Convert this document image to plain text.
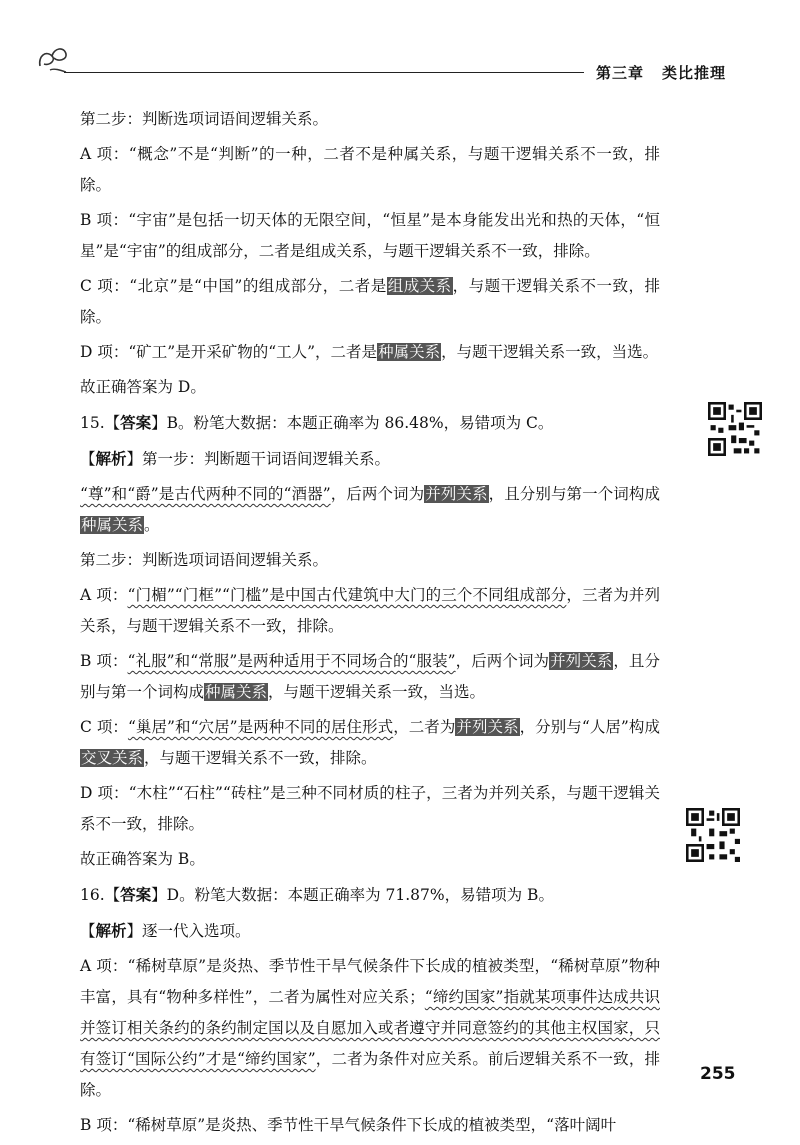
第三章 类比推理

第二步：判断选项词语间逻辑关系。

A 项：“概念”不是“判断”的一种，二者不是种属关系，与题干逻辑关系不一致，排除。

B 项：“宇宙”是包括一切天体的无限空间，“恒星”是本身能发出光和热的天体，“恒星”是“宇宙”的组成部分，二者是组成关系，与题干逻辑关系不一致，排除。

C 项：“北京”是“中国”的组成部分，二者是组成关系，与题干逻辑关系不一致，排除。

D 项：“矿工”是开采矿物的“工人”，二者是种属关系，与题干逻辑关系一致，当选。

故正确答案为 D。

15.【答案】B。粉笔大数据：本题正确率为 86.48%，易错项为 C。

【解析】第一步：判断题干词语间逻辑关系。

“尊”和“爵”是古代两种不同的“酒器”，后两个词为并列关系，且分别与第一个词构成种属关系。

第二步：判断选项词语间逻辑关系。

A 项：“门楣”“门框”“门槛”是中国古代建筑中大门的三个不同组成部分，三者为并列关系，与题干逻辑关系不一致，排除。

B 项：“礼服”和“常服”是两种适用于不同场合的“服装”，后两个词为并列关系，且分别与第一个词构成种属关系，与题干逻辑关系一致，当选。

C 项：“巢居”和“穴居”是两种不同的居住形式，二者为并列关系，分别与“人居”构成交叉关系，与题干逻辑关系不一致，排除。

D 项：“木柱”“石柱”“砖柱”是三种不同材质的柱子，三者为并列关系，与题干逻辑关系不一致，排除。

故正确答案为 B。

16.【答案】D。粉笔大数据：本题正确率为 71.87%，易错项为 B。

【解析】逐一代入选项。

A 项：“稀树草原”是炎热、季节性干旱气候条件下长成的植被类型，“稀树草原”物种丰富，具有“物种多样性”，二者为属性对应关系；“缔约国家”指就某项事件达成共识并签订相关条约的条约制定国以及自愿加入或者遵守并同意签约的其他主权国家，只有签订“国际公约”才是“缔约国家”，二者为条件对应关系。前后逻辑关系不一致，排除。

B 项：“稀树草原”是炎热、季节性干旱气候条件下长成的植被类型，“落叶阔叶

255
